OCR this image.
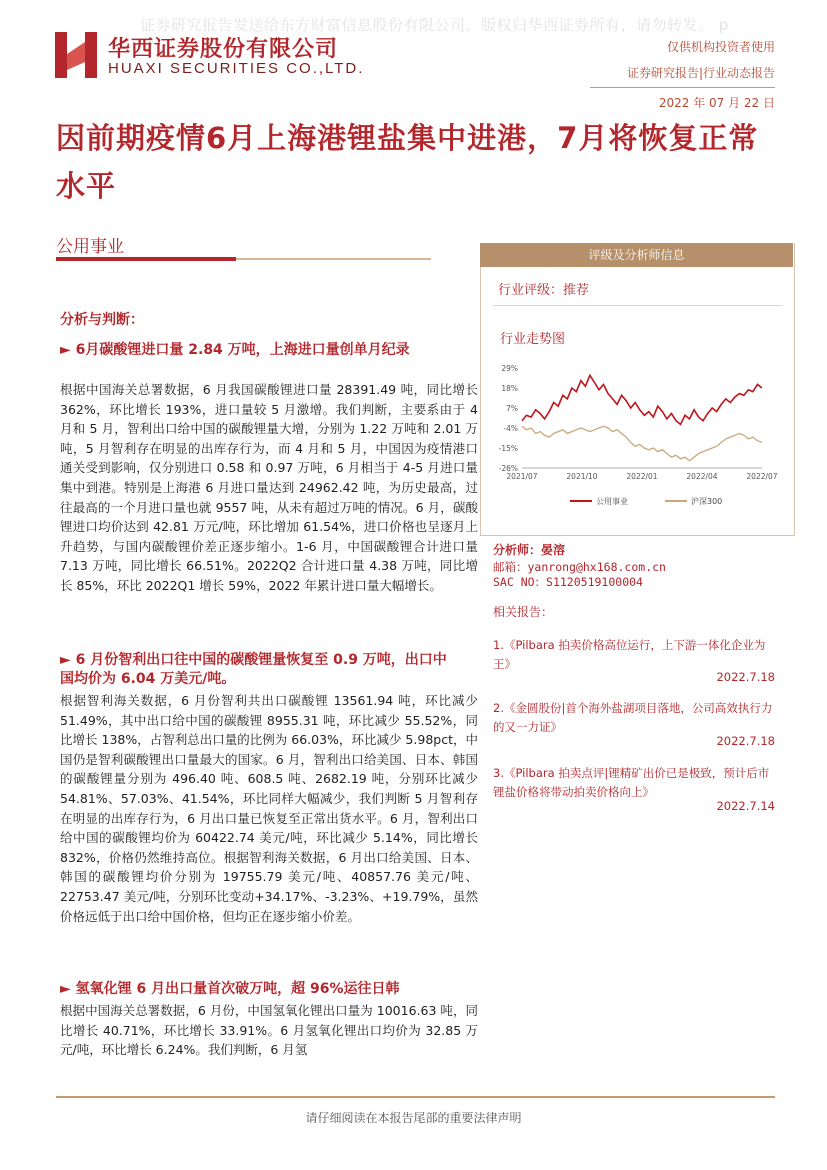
证券研究报告发送给东方财富信息股份有限公司。版权归华西证券所有，请勿转发。 p
华西证券股份有限公司
HUAXI SECURITIES CO.,LTD.
仅供机构投资者使用
证券研究报告|行业动态报告
2022 年 07 月 22 日
因前期疫情6月上海港锂盐集中进港，7月将恢复正常水平
公用事业
分析与判断：
► 6月碳酸锂进口量 2.84 万吨，上海进口量创单月纪录

根据中国海关总署数据，6 月我国碳酸锂进口量 28391.49 吨，同比增长 362%，环比增长 193%，进口量较 5 月激增。我们判断，主要系由于 4 月和 5 月，智利出口给中国的碳酸锂量大增，分别为 1.22 万吨和 2.01 万吨，5 月智利存在明显的出库存行为，而 4 月和 5 月，中国因为疫情港口通关受到影响，仅分别进口 0.58 和 0.97 万吨，6 月相当于 4-5 月进口量集中到港。特别是上海港 6 月进口量达到 24962.42 吨，为历史最高，过往最高的一个月进口量也就 9557 吨，从未有超过万吨的情况。6 月，碳酸锂进口均价达到 42.81 万元/吨，环比增加 61.54%，进口价格也呈逐月上升趋势，与国内碳酸锂价差正逐步缩小。1-6 月，中国碳酸锂合计进口量 7.13 万吨，同比增长 66.51%。2022Q2 合计进口量 4.38 万吨，同比增长 85%，环比 2022Q1 增长 59%，2022 年累计进口量大幅增长。

► 6 月份智利出口往中国的碳酸锂量恢复至 0.9 万吨，出口中国均价为 6.04 万美元/吨。

根据智利海关数据，6 月份智利共出口碳酸锂 13561.94 吨，环比减少 51.49%，其中出口给中国的碳酸锂 8955.31 吨，环比减少 55.52%，同比增长 138%，占智利总出口量的比例为 66.03%，环比减少 5.98pct，中国仍是智利碳酸锂出口量最大的国家。6 月，智利出口给美国、日本、韩国的碳酸锂量分别为 496.40 吨、608.5 吨、2682.19 吨，分别环比减少 54.81%、57.03%、41.54%，环比同样大幅减少，我们判断 5 月智利存在明显的出库存行为，6 月出口量已恢复至正常出货水平。6 月，智利出口给中国的碳酸锂均价为 60422.74 美元/吨，环比减少 5.14%，同比增长 832%，价格仍然维持高位。根据智利海关数据，6 月出口给美国、日本、韩国的碳酸锂均价分别为 19755.79 美元/吨、40857.76 美元/吨、22753.47 美元/吨，分别环比变动+34.17%、-3.23%、+19.79%，虽然价格远低于出口给中国价格，但均正在逐步缩小价差。

► 氢氧化锂 6 月出口量首次破万吨，超 96%运往日韩

根据中国海关总署数据，6 月份，中国氢氧化锂出口量为 10016.63 吨，同比增长 40.71%，环比增长 33.91%。6 月氢氧化锂出口均价为 32.85 万元/吨，环比增长 6.24%。我们判断，6 月氢

评级及分析师信息
行业评级：推荐
行业走势图
29%
18%
7%
-4%
-15%
-26%
2021/07	2021/10	2022/01	2022/04	2022/07
公用事业	沪深300
分析师：晏溶
邮箱：yanrong@hx168.com.cn
SAC NO：S1120519100004
相关报告：
1.《Pilbara 拍卖价格高位运行，上下游一体化企业为王》
2022.7.18
2.《金圆股份|首个海外盐湖项目落地，公司高效执行力的又一力证》
2022.7.18
3.《Pilbara 拍卖点评|锂精矿出价已是极致，预计后市锂盐价格将带动拍卖价格向上》
2022.7.14
请仔细阅读在本报告尾部的重要法律声明
